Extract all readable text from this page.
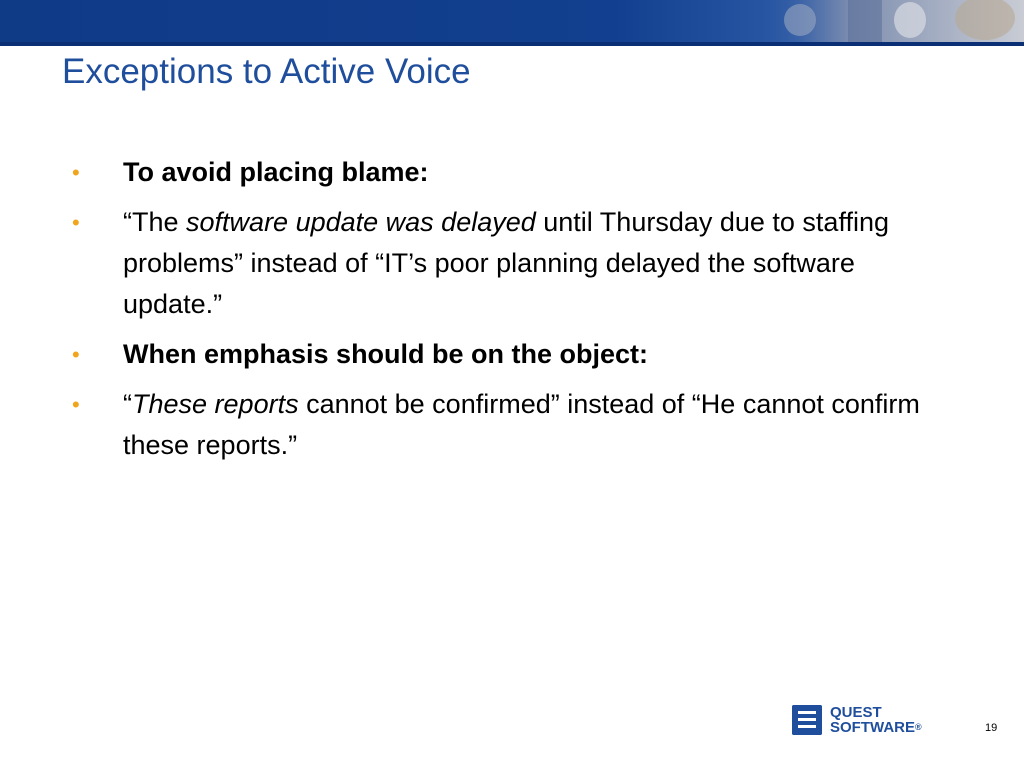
Exceptions to Active Voice
• To avoid placing blame:
• “The software update was delayed until Thursday due to staffing problems” instead of “IT’s poor planning delayed the software update.”
• When emphasis should be on the object:
• “These reports cannot be confirmed” instead of “He cannot confirm these reports.”
QUEST
SOFTWARE®	19
